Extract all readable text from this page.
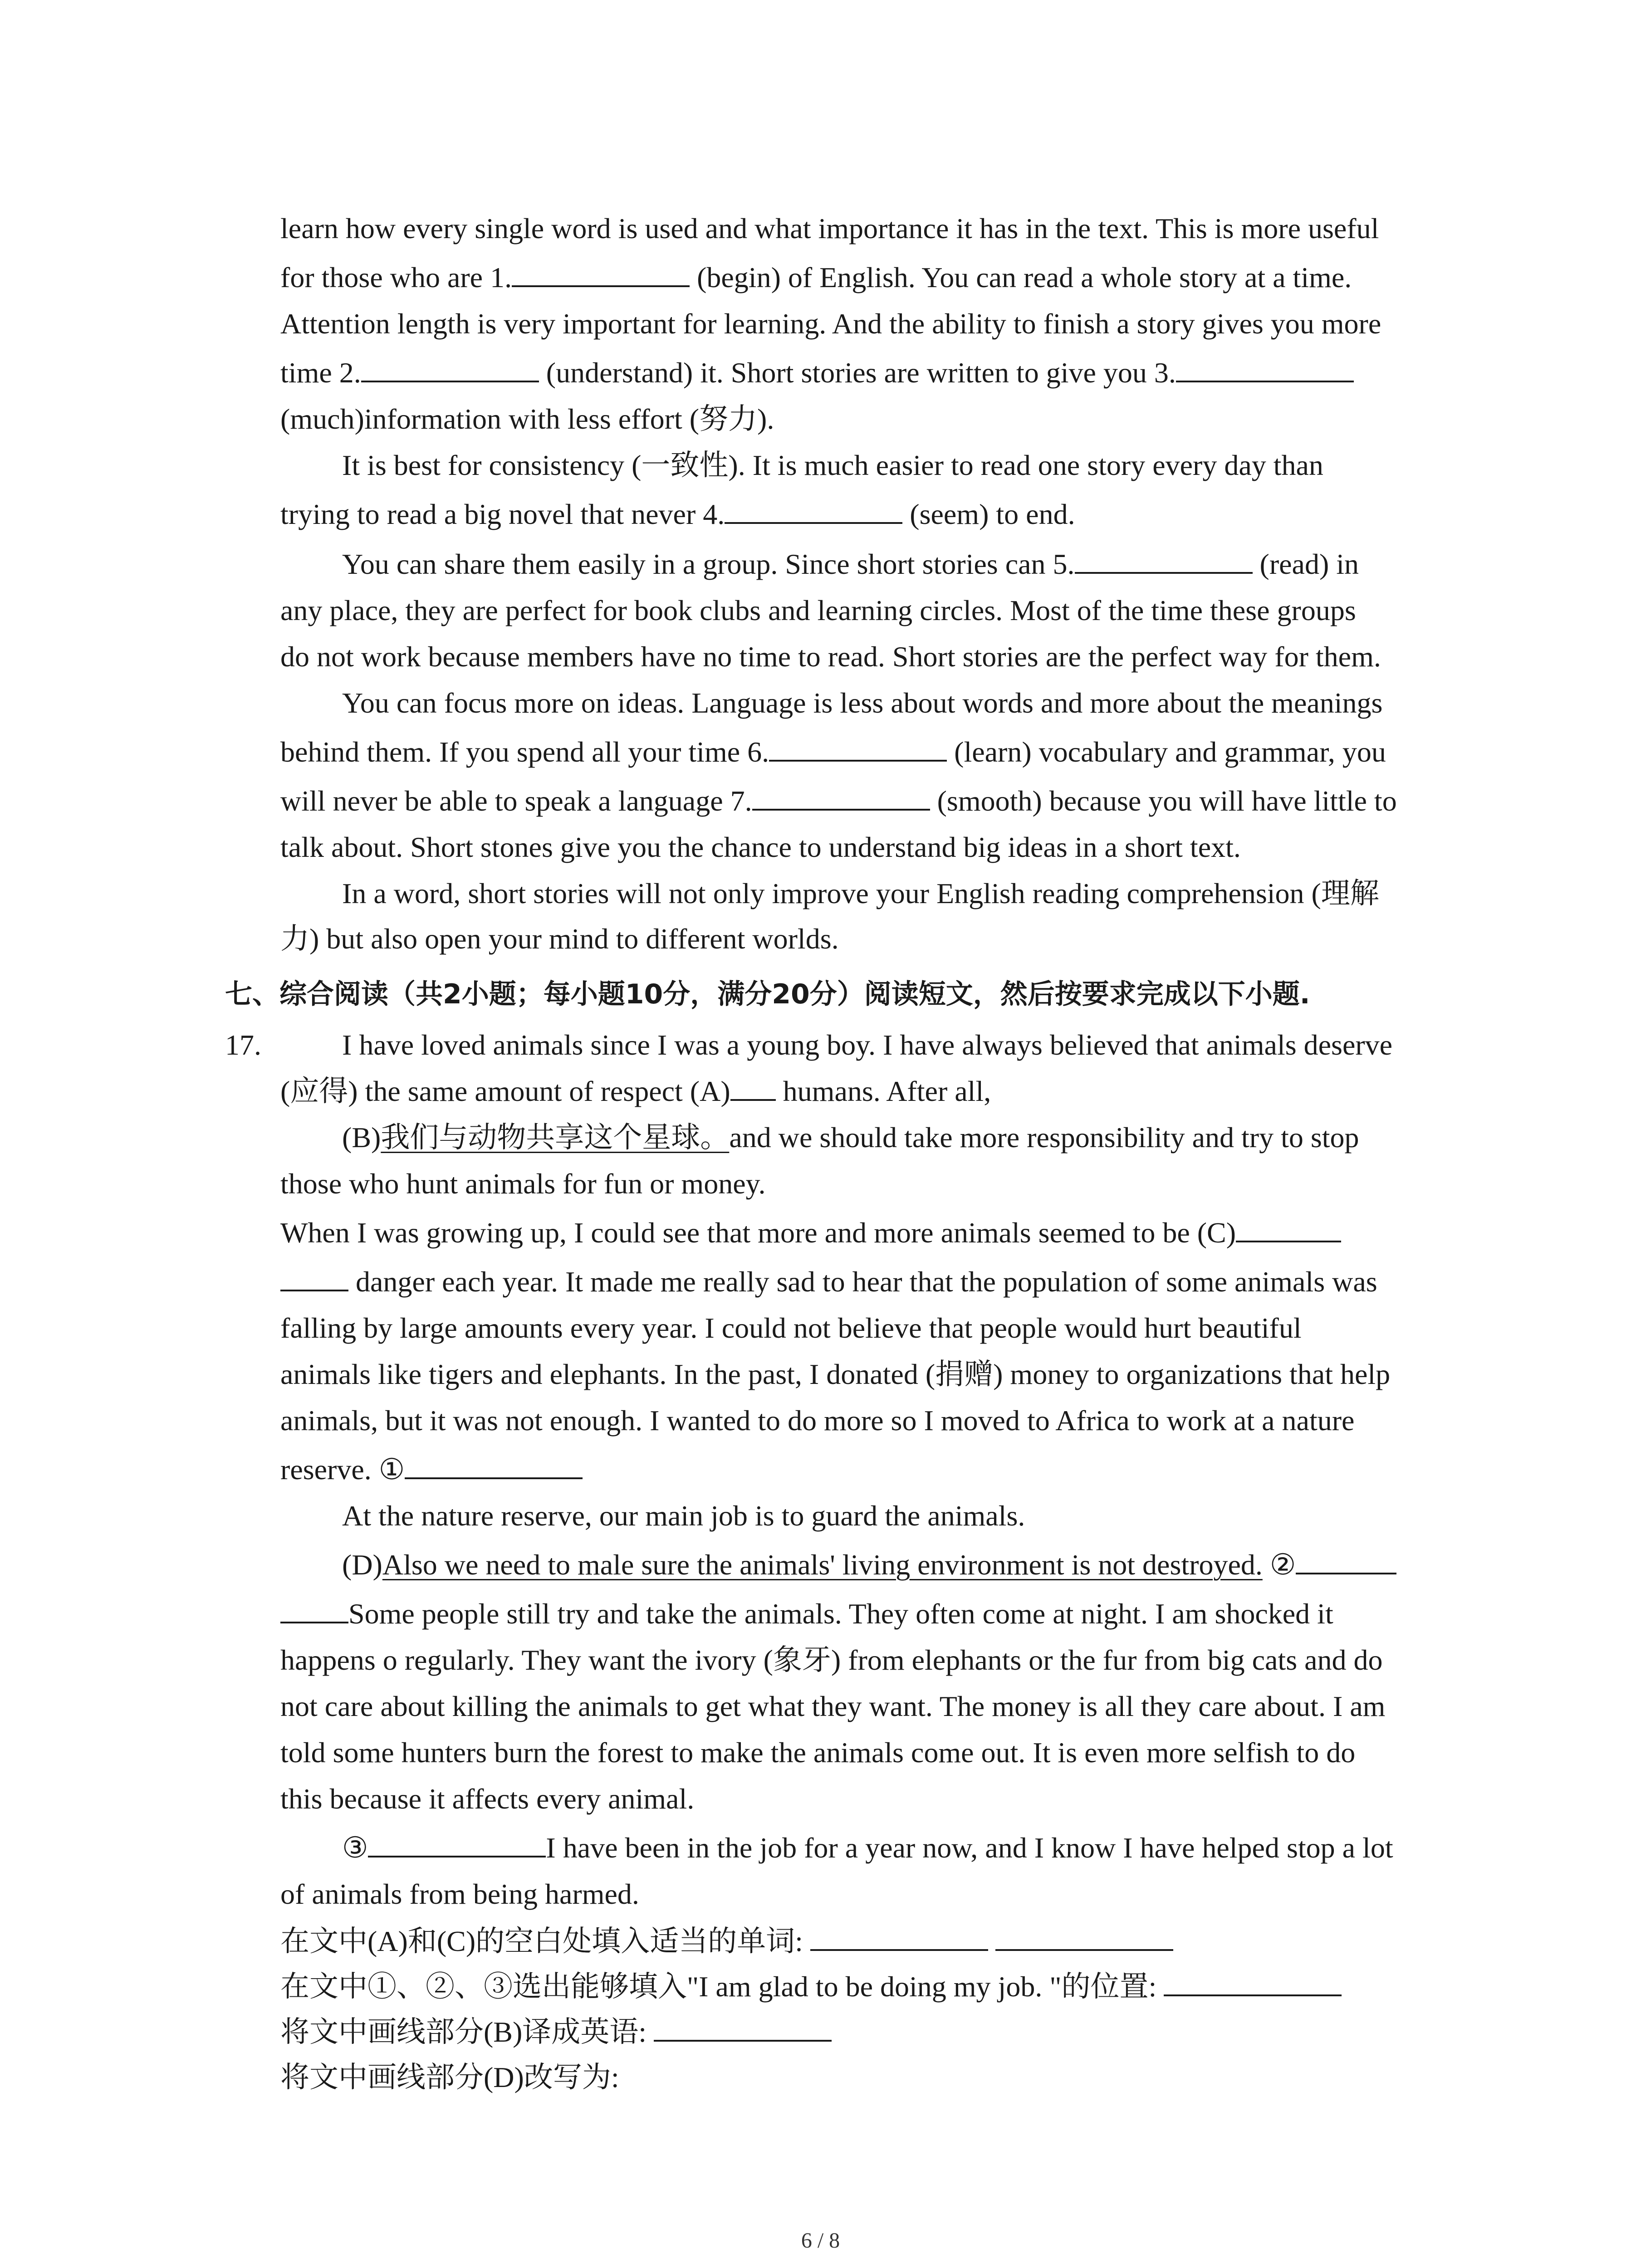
learn how every single word is used and what importance it has in the text. This is more useful
for those who are 1.	(begin) of English. You can read a whole story at a time.
Attention length is very important for learning. And the ability to finish a story gives you more
time 2.	(understand) it. Short stories are written to give you 3.
(much)information with less effort (努力).
It is best for consistency (一致性). It is much easier to read one story every day than
trying to read a big novel that never 4.	(seem) to end.
You can share them easily in a group. Since short stories can 5.	(read) in
any place, they are perfect for book clubs and learning circles. Most of the time these groups
do not work because members have no time to read. Short stories are the perfect way for them.
You can focus more on ideas. Language is less about words and more about the meanings
behind them. If you spend all your time 6.	(learn) vocabulary and grammar, you
will never be able to speak a language 7.	(smooth) because you will have little to
talk about. Short stones give you the chance to understand big ideas in a short text.
In a word, short stories will not only improve your English reading comprehension (理解
力) but also open your mind to different worlds.
七、综合阅读（共2小题；每小题10分，满分20分）阅读短文，然后按要求完成以下小题.
17.	I have loved animals since I was a young boy. I have always believed that animals deserve
(应得) the same amount of respect (A) humans. After all,
(B)我们与动物共享这个星球。and we should take more responsibility and try to stop
those who hunt animals for fun or money.
When I was growing up, I could see that more and more animals seemed to be (C)
danger each year. It made me really sad to hear that the population of some animals was
falling by large amounts every year. I could not believe that people would hurt beautiful
animals like tigers and elephants. In the past, I donated (捐赠) money to organizations that help
animals, but it was not enough. I wanted to do more so I moved to Africa to work at a nature
reserve. ①
At the nature reserve, our main job is to guard the animals.
(D)Also we need to male sure the animals' living environment is not destroyed. ②
Some people still try and take the animals. They often come at night. I am shocked it
happens o regularly. They want the ivory (象牙) from elephants or the fur from big cats and do
not care about killing the animals to get what they want. The money is all they care about. I am
told some hunters burn the forest to make the animals come out. It is even more selfish to do
this because it affects every animal.
③	I have been in the job for a year now, and I know I have helped stop a lot
of animals from being harmed.
在文中(A)和(C)的空白处填入适当的单词:
在文中①、②、③选出能够填入"I am glad to be doing my job. "的位置:
将文中画线部分(B)译成英语:
将文中画线部分(D)改写为:
6 / 8
